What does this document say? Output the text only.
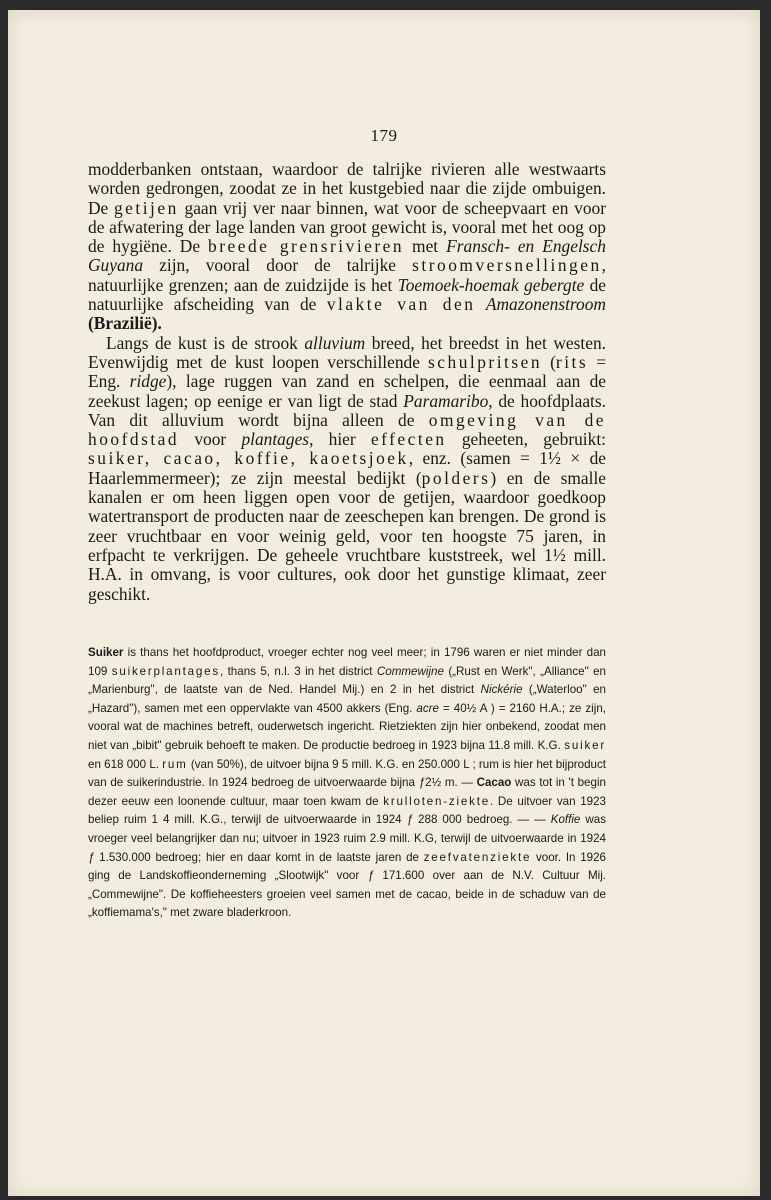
179

modderbanken ontstaan, waardoor de talrijke rivieren alle westwaarts worden gedrongen, zoodat ze in het kustgebied naar die zijde ombuigen. De getijen gaan vrij ver naar binnen, wat voor de scheepvaart en voor de afwatering der lage landen van groot gewicht is, vooral met het oog op de hygiëne. De breede grensrivieren met Fransch- en Engelsch Guyana zijn, vooral door de talrijke stroomversnellingen, natuurlijke grenzen; aan de zuidzijde is het Toemoek-hoemak gebergte de natuurlijke afscheiding van de vlakte van den Amazonenstroom (Brazilië).

Langs de kust is de strook alluvium breed, het breedst in het westen. Evenwijdig met de kust loopen verschillende schulpritsen (rits = Eng. ridge), lage ruggen van zand en schelpen, die eenmaal aan de zeekust lagen; op eenige er van ligt de stad Paramaribo, de hoofdplaats. Van dit alluvium wordt bijna alleen de omgeving van de hoofdstad voor plantages, hier effecten geheeten, gebruikt: suiker, cacao, koffie, kaoetsjoek, enz. (samen = 1½ × de Haarlemmermeer); ze zijn meestal bedijkt (polders) en de smalle kanalen er om heen liggen open voor de getijen, waardoor goedkoop watertransport de producten naar de zeeschepen kan brengen. De grond is zeer vruchtbaar en voor weinig geld, voor ten hoogste 75 jaren, in erfpacht te verkrijgen. De geheele vruchtbare kuststreek, wel 1½ mill. H.A. in omvang, is voor cultures, ook door het gunstige klimaat, zeer geschikt.

Suiker is thans het hoofdproduct, vroeger echter nog veel meer; in 1796 waren er niet minder dan 109 suikerplantages, thans 5, n.l. 3 in het district Commewijne („Rust en Werk", „Alliance" en „Marienburg", de laatste van de Ned. Handel Mij.) en 2 in het district Nickérie („Waterloo" en „Hazard"), samen met een oppervlakte van 4500 akkers (Eng. acre = 40½ A ) = 2160 H.A.; ze zijn, vooral wat de machines betreft, ouderwetsch ingericht. Rietziekten zijn hier onbekend, zoodat men niet van „bibit" gebruik behoeft te maken. De productie bedroeg in 1923 bijna 11.8 mill. K.G. suiker en 618 000 L. rum (van 50%), de uitvoer bijna 9 5 mill. K.G. en 250.000 L ; rum is hier het bijproduct van de suikerindustrie. In 1924 bedroeg de uitvoerwaarde bijna ƒ2½ m. — Cacao was tot in 't begin dezer eeuw een loonende cultuur, maar toen kwam de krulloten-ziekte. De uitvoer van 1923 beliep ruim 1 4 mill. K.G., terwijl de uitvoerwaarde in 1924 ƒ 288 000 bedroeg. — — Koffie was vroeger veel belangrijker dan nu; uitvoer in 1923 ruim 2.9 mill. K.G, terwijl de uitvoerwaarde in 1924 ƒ 1.530.000 bedroeg; hier en daar komt in de laatste jaren de zeefvatenziekte voor. In 1926 ging de Landskoffieonderneming „Slootwijk" voor ƒ 171.600 over aan de N.V. Cultuur Mij. „Commewijne". De koffieheesters groeien veel samen met de cacao, beide in de schaduw van de „koffiemama's," met zware bladerkroon.
